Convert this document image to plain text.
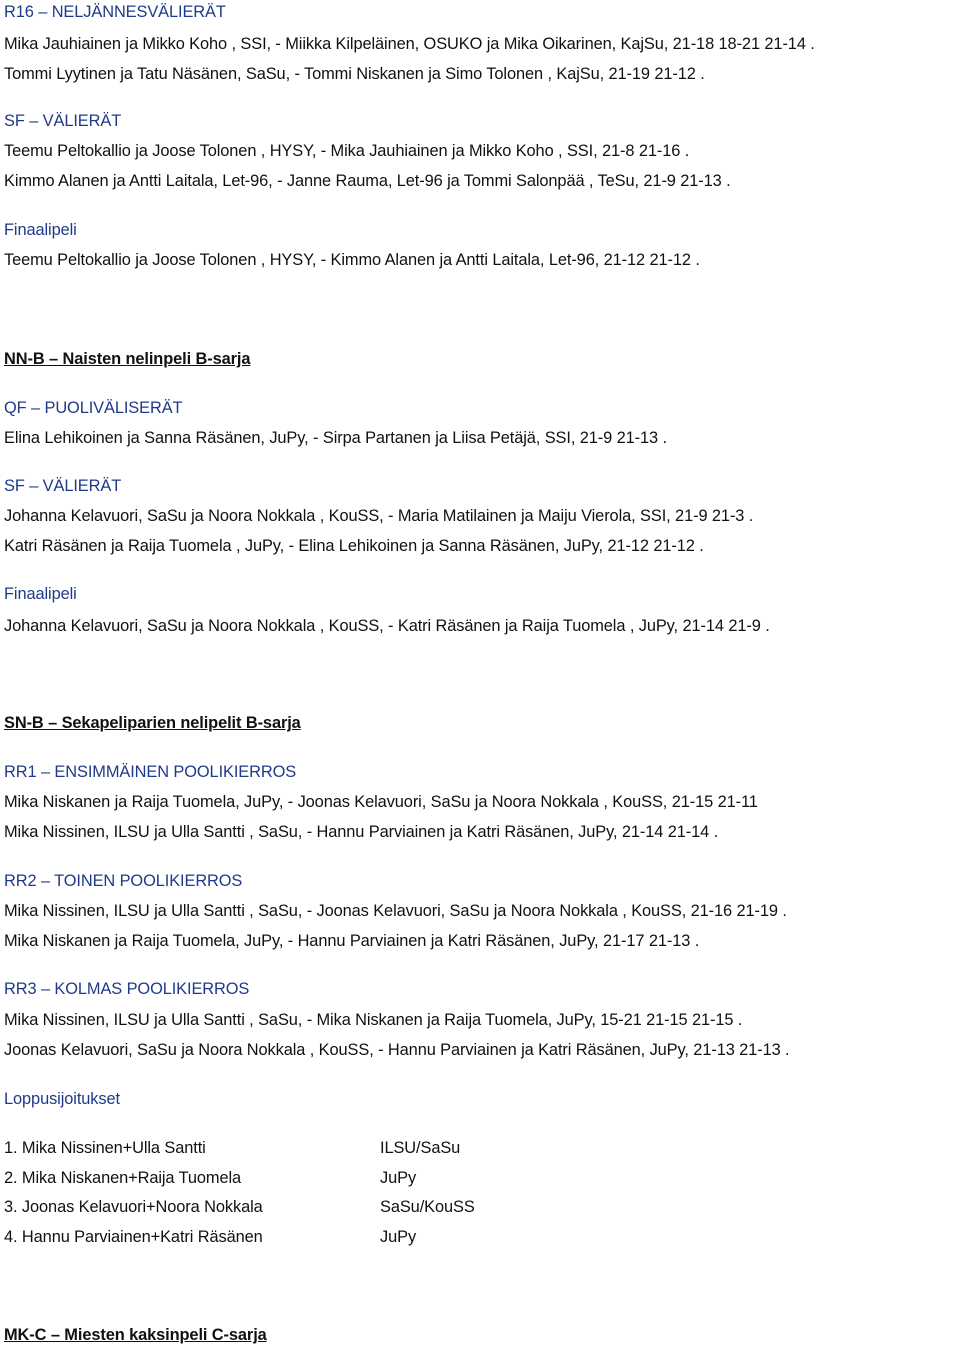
R16 – NELJÄNNESVÄLIERÄT
Mika Jauhiainen ja Mikko Koho , SSI, - Miikka Kilpeläinen, OSUKO ja Mika Oikarinen, KajSu, 21-18 18-21 21-14 .
Tommi Lyytinen ja Tatu Näsänen, SaSu, - Tommi Niskanen ja Simo Tolonen , KajSu, 21-19 21-12 .
SF – VÄLIERÄT
Teemu Peltokallio ja Joose Tolonen , HYSY, - Mika Jauhiainen ja Mikko Koho , SSI, 21-8 21-16 .
Kimmo Alanen ja Antti Laitala, Let-96, - Janne Rauma, Let-96 ja Tommi Salonpää , TeSu, 21-9 21-13 .
Finaalipeli
Teemu Peltokallio ja Joose Tolonen , HYSY, - Kimmo Alanen ja Antti Laitala, Let-96, 21-12 21-12 .
NN-B – Naisten nelinpeli B-sarja
QF – PUOLIVÄLISERÄT
Elina Lehikoinen ja Sanna Räsänen, JuPy, - Sirpa Partanen ja Liisa Petäjä, SSI, 21-9 21-13 .
SF – VÄLIERÄT
Johanna Kelavuori, SaSu ja Noora Nokkala , KouSS, - Maria Matilainen ja Maiju Vierola, SSI, 21-9 21-3 .
Katri Räsänen ja Raija Tuomela , JuPy, - Elina Lehikoinen ja Sanna Räsänen, JuPy, 21-12 21-12 .
Finaalipeli
Johanna Kelavuori, SaSu ja Noora Nokkala , KouSS, - Katri Räsänen ja Raija Tuomela , JuPy, 21-14 21-9 .
SN-B – Sekapeliparien nelipelit B-sarja
RR1 – ENSIMMÄINEN POOLIKIERROS
Mika Niskanen ja Raija Tuomela, JuPy, - Joonas Kelavuori, SaSu ja Noora Nokkala , KouSS, 21-15 21-11
Mika Nissinen, ILSU ja Ulla Santti , SaSu, - Hannu Parviainen ja Katri Räsänen, JuPy, 21-14 21-14 .
RR2 – TOINEN POOLIKIERROS
Mika Nissinen, ILSU ja Ulla Santti , SaSu, - Joonas Kelavuori, SaSu ja Noora Nokkala , KouSS, 21-16 21-19 .
Mika Niskanen ja Raija Tuomela, JuPy, - Hannu Parviainen ja Katri Räsänen, JuPy, 21-17 21-13 .
RR3 – KOLMAS POOLIKIERROS
Mika Nissinen, ILSU ja Ulla Santti , SaSu, - Mika Niskanen ja Raija Tuomela, JuPy, 15-21 21-15 21-15 .
Joonas Kelavuori, SaSu ja Noora Nokkala , KouSS, - Hannu Parviainen ja Katri Räsänen, JuPy, 21-13 21-13 .
Loppusijoitukset
1. Mika Nissinen+Ulla Santti	ILSU/SaSu
2. Mika Niskanen+Raija Tuomela	JuPy
3. Joonas Kelavuori+Noora Nokkala	SaSu/KouSS
4. Hannu Parviainen+Katri Räsänen	JuPy
MK-C – Miesten kaksinpeli C-sarja
